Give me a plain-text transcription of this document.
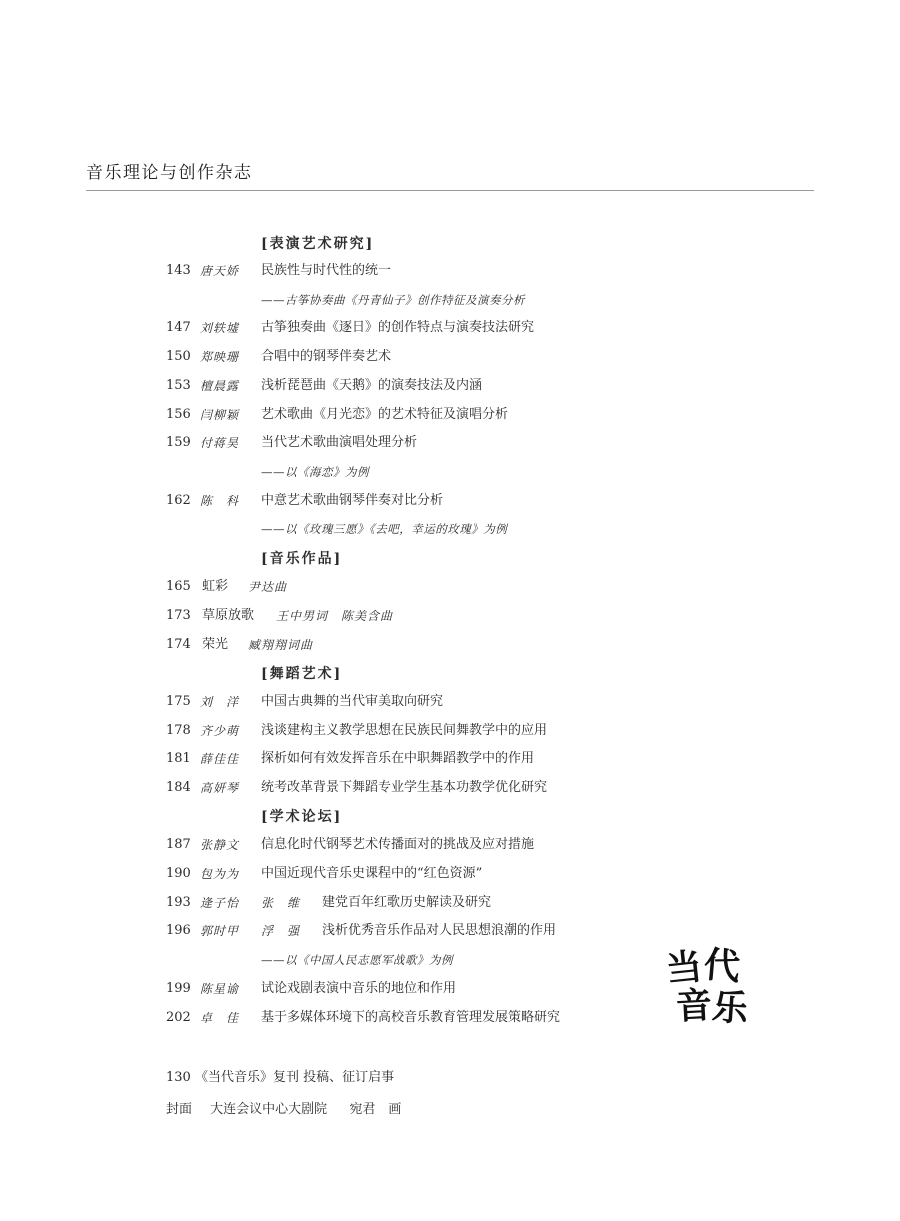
音乐理论与创作杂志
[表演艺术研究]
143 唐天娇 民族性与时代性的统一
——古筝协奏曲《丹青仙子》创作特征及演奏分析
147 刘轶墟 古筝独奏曲《逐日》的创作特点与演奏技法研究
150 郑映珊 合唱中的钢琴伴奏艺术
153 檀晨露 浅析琵琶曲《天鹅》的演奏技法及内涵
156 闫柳颖 艺术歌曲《月光恋》的艺术特征及演唱分析
159 付蒋昊 当代艺术歌曲演唱处理分析
——以《海恋》为例
162 陈　科 中意艺术歌曲钢琴伴奏对比分析
——以《玫瑰三愿》《去吧，幸运的玫瑰》为例
[音乐作品]
165 虹彩 尹达曲
173 草原放歌 王中男词　陈美含曲
174 荣光 臧翔翔词曲
[舞蹈艺术]
175 刘　洋 中国古典舞的当代审美取向研究
178 齐少萌 浅谈建构主义教学思想在民族民间舞教学中的应用
181 薛佳佳 探析如何有效发挥音乐在中职舞蹈教学中的作用
184 高妍琴 统考改革背景下舞蹈专业学生基本功教学优化研究
[学术论坛]
187 张静文 信息化时代钢琴艺术传播面对的挑战及应对措施
190 包为为 中国近现代音乐史课程中的“红色资源”
193 逄子怡 张　维 建党百年红歌历史解读及研究
196 郭时甲 浮　强 浅析优秀音乐作品对人民思想浪潮的作用
——以《中国人民志愿军战歌》为例
199 陈星谕 试论戏剧表演中音乐的地位和作用
202 卓　佳 基于多媒体环境下的高校音乐教育管理发展策略研究
当
代
音
乐
130 《当代音乐》复刊 投稿、征订启事
封面 大连会议中心大剧院 宛君　画
